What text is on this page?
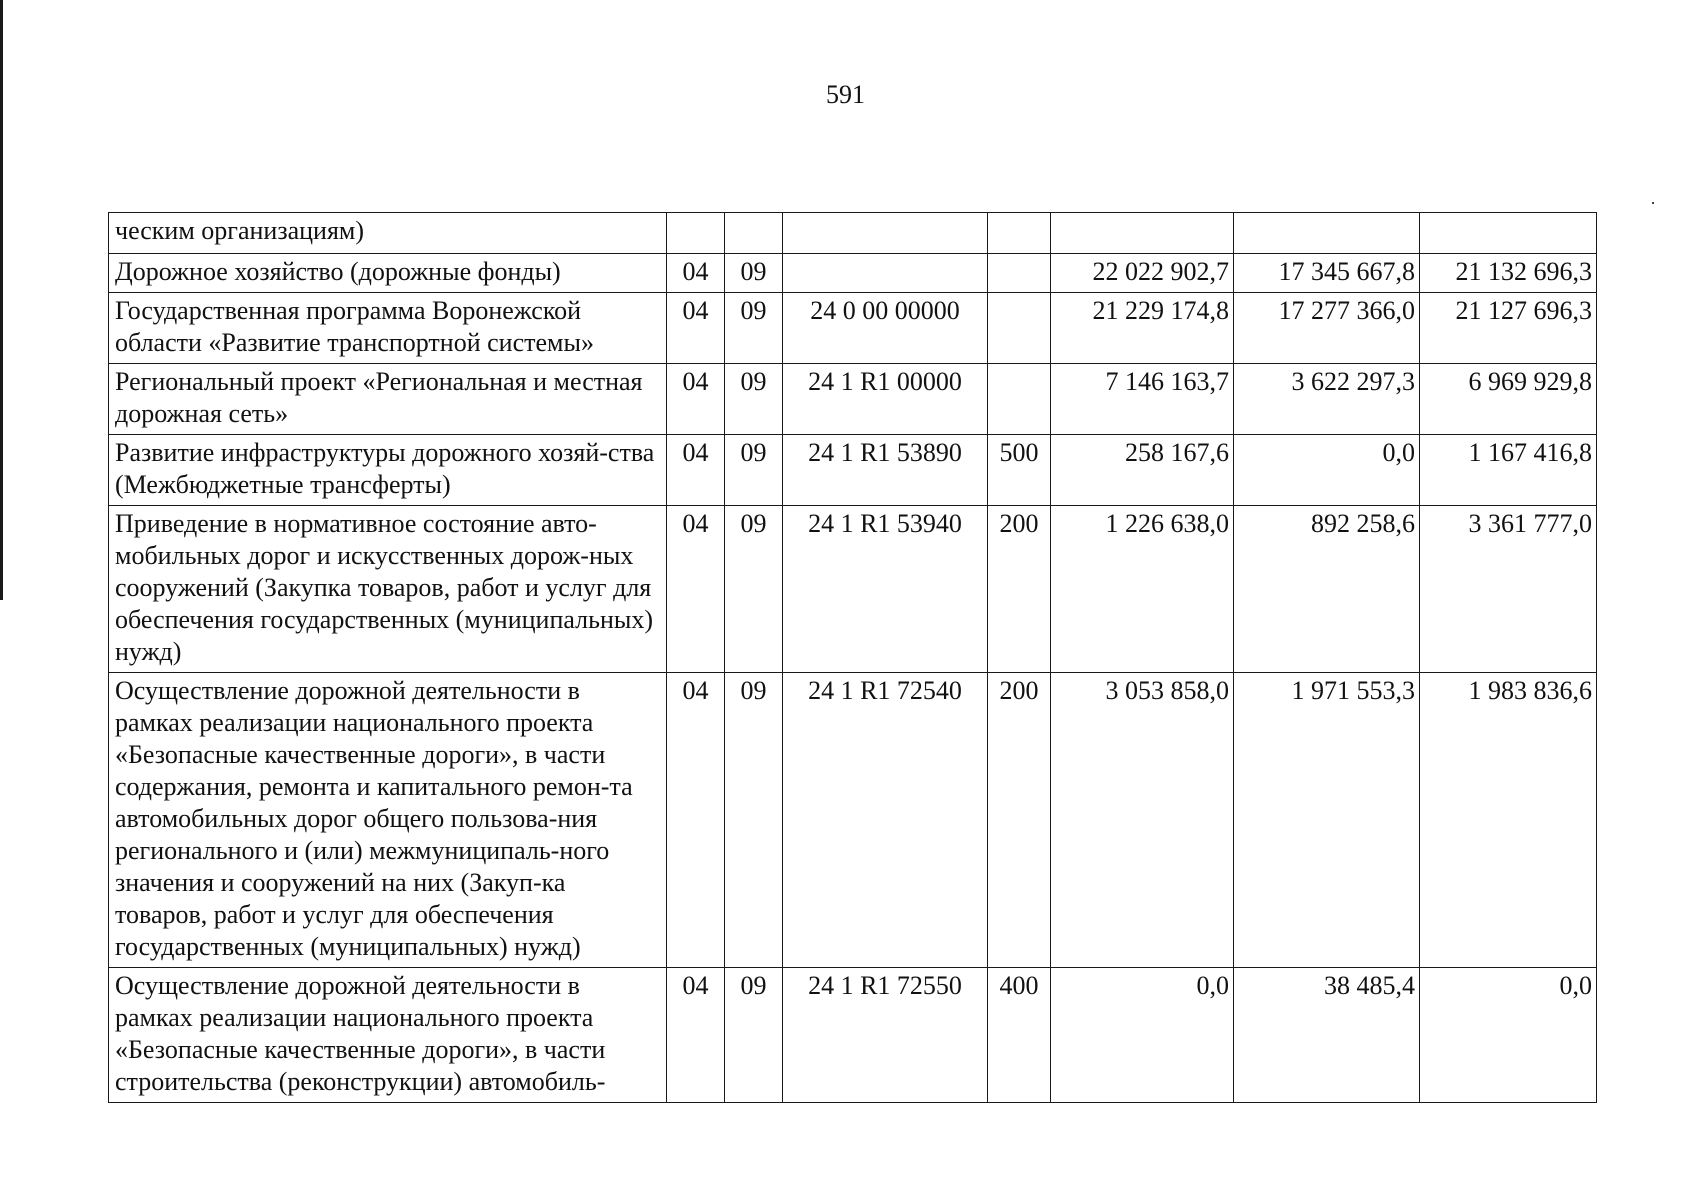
591
ческим организациям)							
Дорожное хозяйство (дорожные фонды)	04	09			22 022 902,7	17 345 667,8	21 132 696,3
Государственная программа Воронежской области «Развитие транспортной системы»	04	09	24 0 00 00000		21 229 174,8	17 277 366,0	21 127 696,3
Региональный проект «Региональная и местная дорожная сеть»	04	09	24 1 R1 00000		7 146 163,7	3 622 297,3	6 969 929,8
Развитие инфраструктуры дорожного хозяй-ства (Межбюджетные трансферты)	04	09	24 1 R1 53890	500	258 167,6	0,0	1 167 416,8
Приведение в нормативное состояние авто-мобильных дорог и искусственных дорож-ных сооружений (Закупка товаров, работ и услуг для обеспечения государственных (муниципальных) нужд)	04	09	24 1 R1 53940	200	1 226 638,0	892 258,6	3 361 777,0
Осуществление дорожной деятельности в рамках реализации национального проекта «Безопасные качественные дороги», в части содержания, ремонта и капитального ремон-та автомобильных дорог общего пользова-ния регионального и (или) межмуниципаль-ного значения и сооружений на них (Закуп-ка товаров, работ и услуг для обеспечения государственных (муниципальных) нужд)	04	09	24 1 R1 72540	200	3 053 858,0	1 971 553,3	1 983 836,6
Осуществление дорожной деятельности в рамках реализации национального проекта «Безопасные качественные дороги», в части строительства (реконструкции) автомобиль-	04	09	24 1 R1 72550	400	0,0	38 485,4	0,0
